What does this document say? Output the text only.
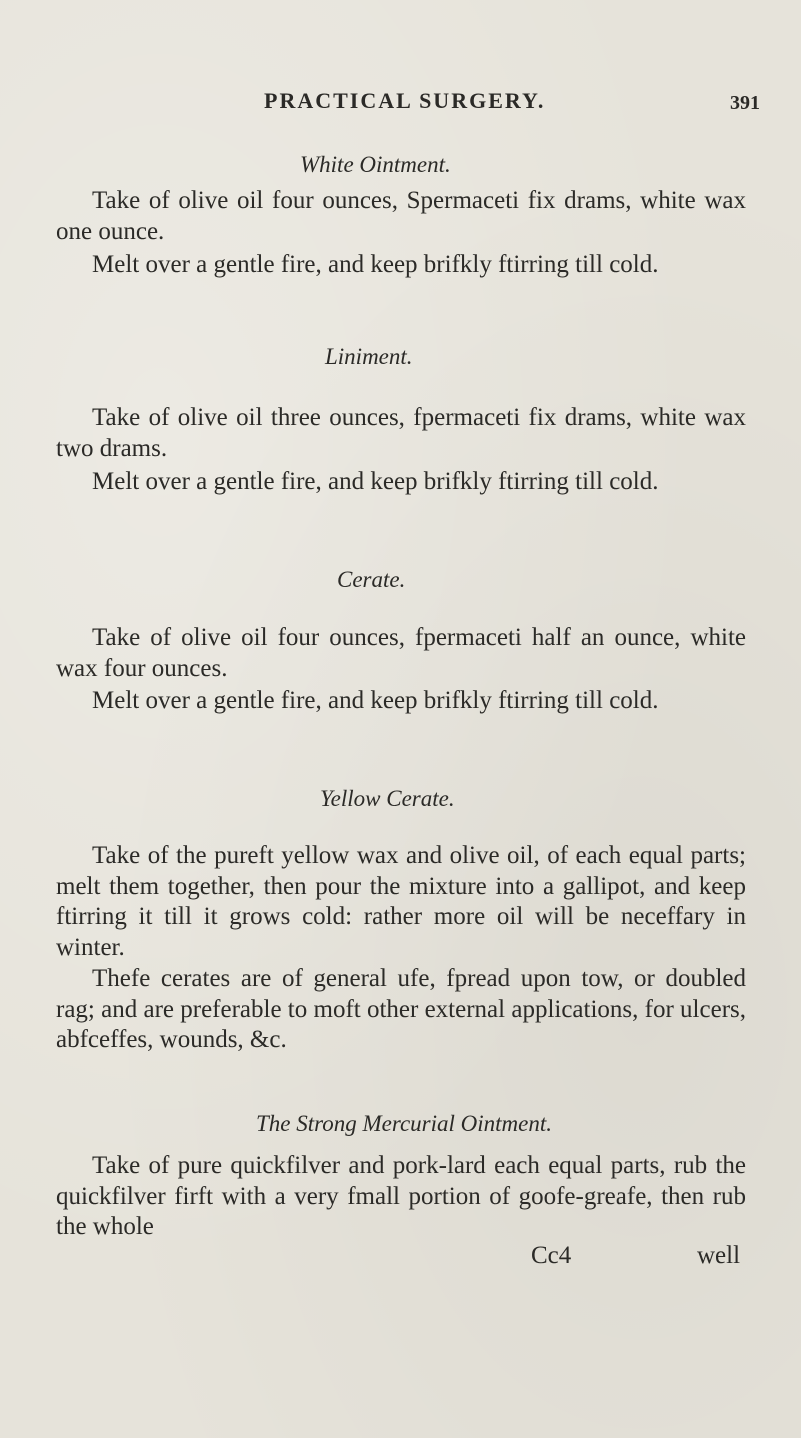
PRACTICAL SURGERY.	391
White Ointment.

Take of olive oil four ounces, Spermaceti fix drams, white wax one ounce.

Melt over a gentle fire, and keep brifkly ftirring till cold.

Liniment.

Take of olive oil three ounces, fpermaceti fix drams, white wax two drams.

Melt over a gentle fire, and keep brifkly ftirring till cold.

Cerate.

Take of olive oil four ounces, fpermaceti half an ounce, white wax four ounces.

Melt over a gentle fire, and keep brifkly ftirring till cold.

Yellow Cerate.

Take of the pureft yellow wax and olive oil, of each equal parts; melt them together, then pour the mixture into a gallipot, and keep ftirring it till it grows cold: rather more oil will be neceffary in winter.

Thefe cerates are of general ufe, fpread upon tow, or doubled rag; and are preferable to moft other external applications, for ulcers, abfceffes, wounds, &c.

The Strong Mercurial Ointment.

Take of pure quickfilver and pork-lard each equal parts, rub the quickfilver firft with a very fmall portion of goofe-greafe, then rub the whole

Cc4	well
